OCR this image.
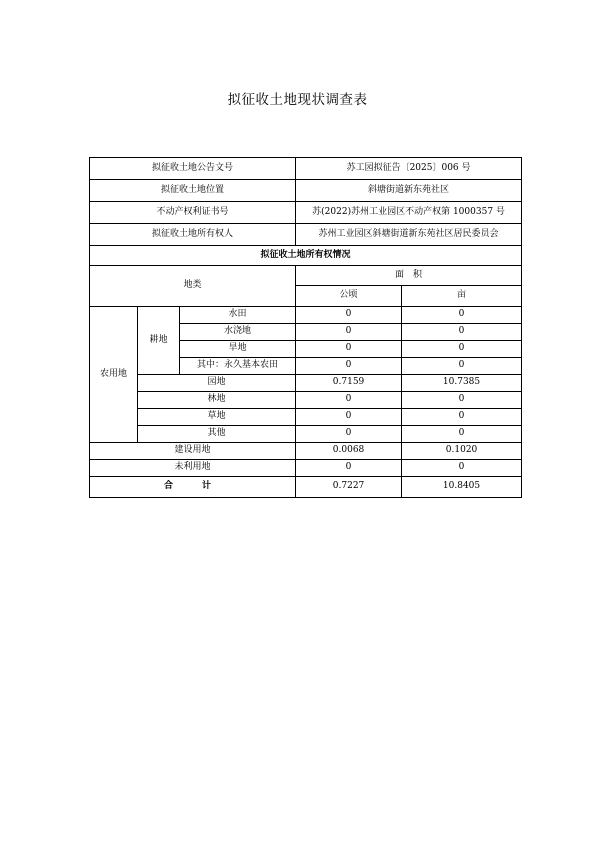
拟征收土地现状调查表
拟征收土地公告文号			苏工园拟征告〔2025〕006 号	
拟征收土地位置			斜塘街道新东苑社区	
不动产权利证书号			苏(2022)苏州工业园区不动产权第 1000357 号	
拟征收土地所有权人			苏州工业园区斜塘街道新东苑社区居民委员会	
拟征收土地所有权情况				
地类			面　积	
			公顷	亩
农用地	耕地	水田	0	0
		水浇地	0	0
		旱地	0	0
		其中：永久基本农田	0	0
	园地		0.7159	10.7385
	林地		0	0
	草地		0	0
	其他		0	0
建设用地			0.0068	0.1020
未利用地			0	0
合　计			0.7227	10.8405
